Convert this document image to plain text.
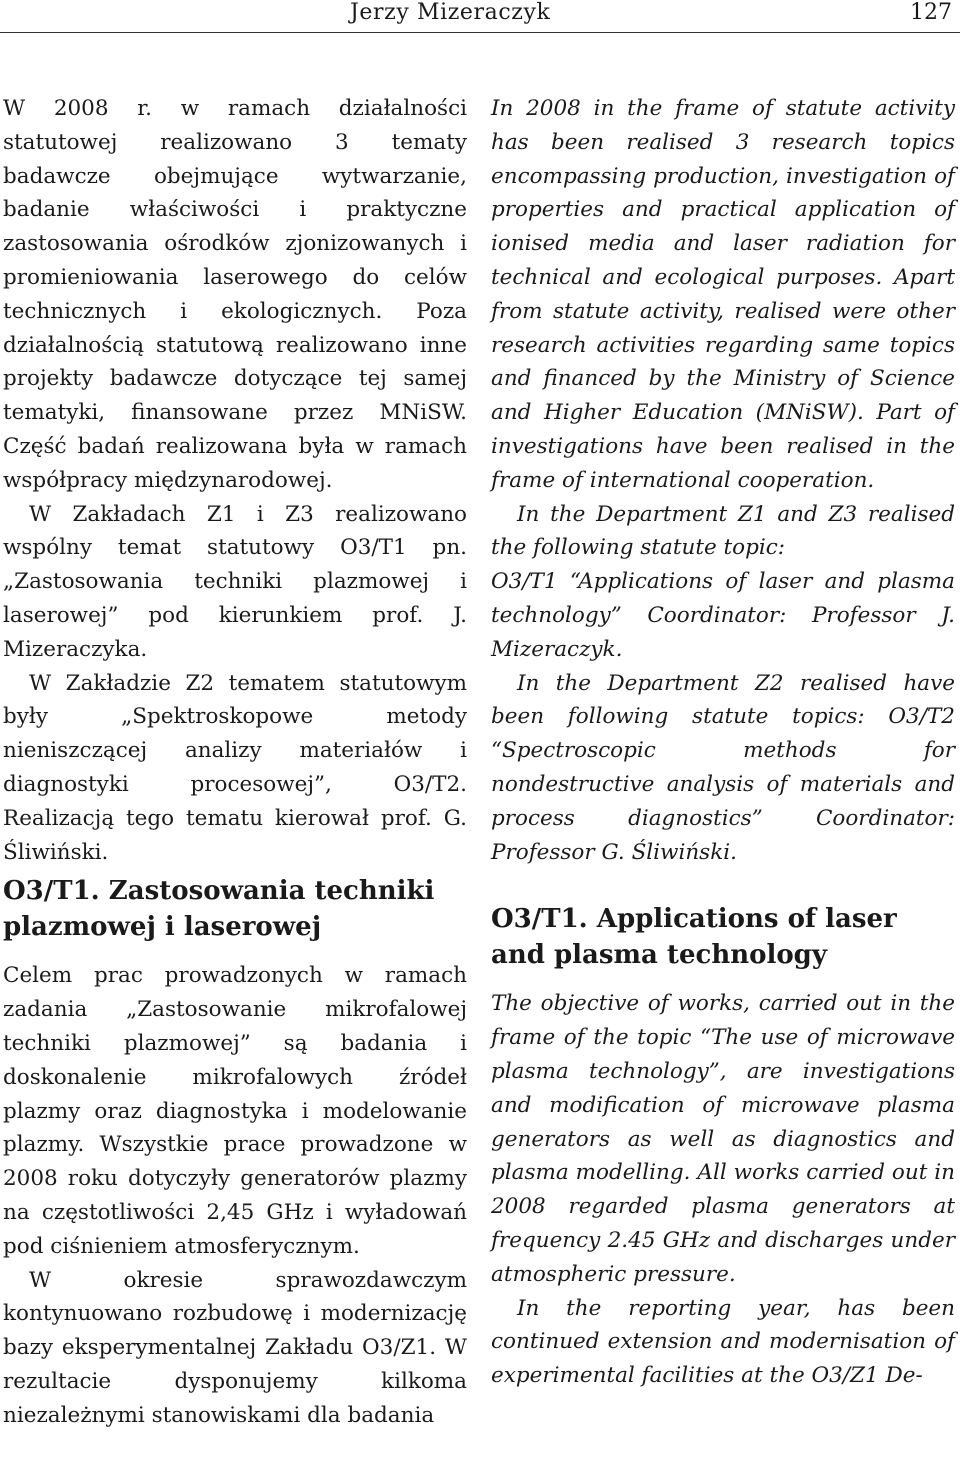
Jerzy Mizeraczyk	127

W 2008 r. w ramach działalności statutowej realizowano 3 tematy badawcze obejmujące wytwarzanie, badanie właściwości i praktyczne zastosowania ośrodków zjonizowanych i promieniowania laserowego do celów technicznych i ekologicznych. Poza działalnością statutową realizowano inne projekty badawcze dotyczące tej samej tematyki, finansowane przez MNiSW. Część badań realizowana była w ramach współpracy międzynarodowej.

W Zakładach Z1 i Z3 realizowano wspólny temat statutowy O3/T1 pn. „Zastosowania techniki plazmowej i laserowej” pod kierunkiem prof. J. Mizeraczyka.

W Zakładzie Z2 tematem statutowym były „Spektroskopowe metody nieniszczącej analizy materiałów i diagnostyki procesowej”, O3/T2. Realizacją tego tematu kierował prof. G. Śliwiński.

O3/T1. Zastosowania techniki plazmowej i laserowej

Celem prac prowadzonych w ramach zadania „Zastosowanie mikrofalowej techniki plazmowej” są badania i doskonalenie mikrofalowych źródeł plazmy oraz diagnostyka i modelowanie plazmy. Wszystkie prace prowadzone w 2008 roku dotyczyły generatorów plazmy na częstotliwości 2,45 GHz i wyładowań pod ciśnieniem atmosferycznym.

W okresie sprawozdawczym kontynuowano rozbudowę i modernizację bazy eksperymentalnej Zakładu O3/Z1. W rezultacie dysponujemy kilkoma niezależnymi stanowiskami dla badania

In 2008 in the frame of statute activity has been realised 3 research topics encompassing production, investigation of properties and practical application of ionised media and laser radiation for technical and ecological purposes. Apart from statute activity, realised were other research activities regarding same topics and financed by the Ministry of Science and Higher Education (MNiSW). Part of investigations have been realised in the frame of international cooperation.

In the Department Z1 and Z3 realised the following statute topic:

O3/T1 “Applications of laser and plasma technology” Coordinator: Professor J. Mizeraczyk.

In the Department Z2 realised have been following statute topics: O3/T2 “Spectroscopic methods for nondestructive analysis of materials and process diagnostics” Coordinator: Professor G. Śliwiński.

O3/T1. Applications of laser and plasma technology

The objective of works, carried out in the frame of the topic “The use of microwave plasma technology”, are investigations and modification of microwave plasma generators as well as diagnostics and plasma modelling. All works carried out in 2008 regarded plasma generators at frequency 2.45 GHz and discharges under atmospheric pressure.

In the reporting year, has been continued extension and modernisation of experimental facilities at the O3/Z1 De-
